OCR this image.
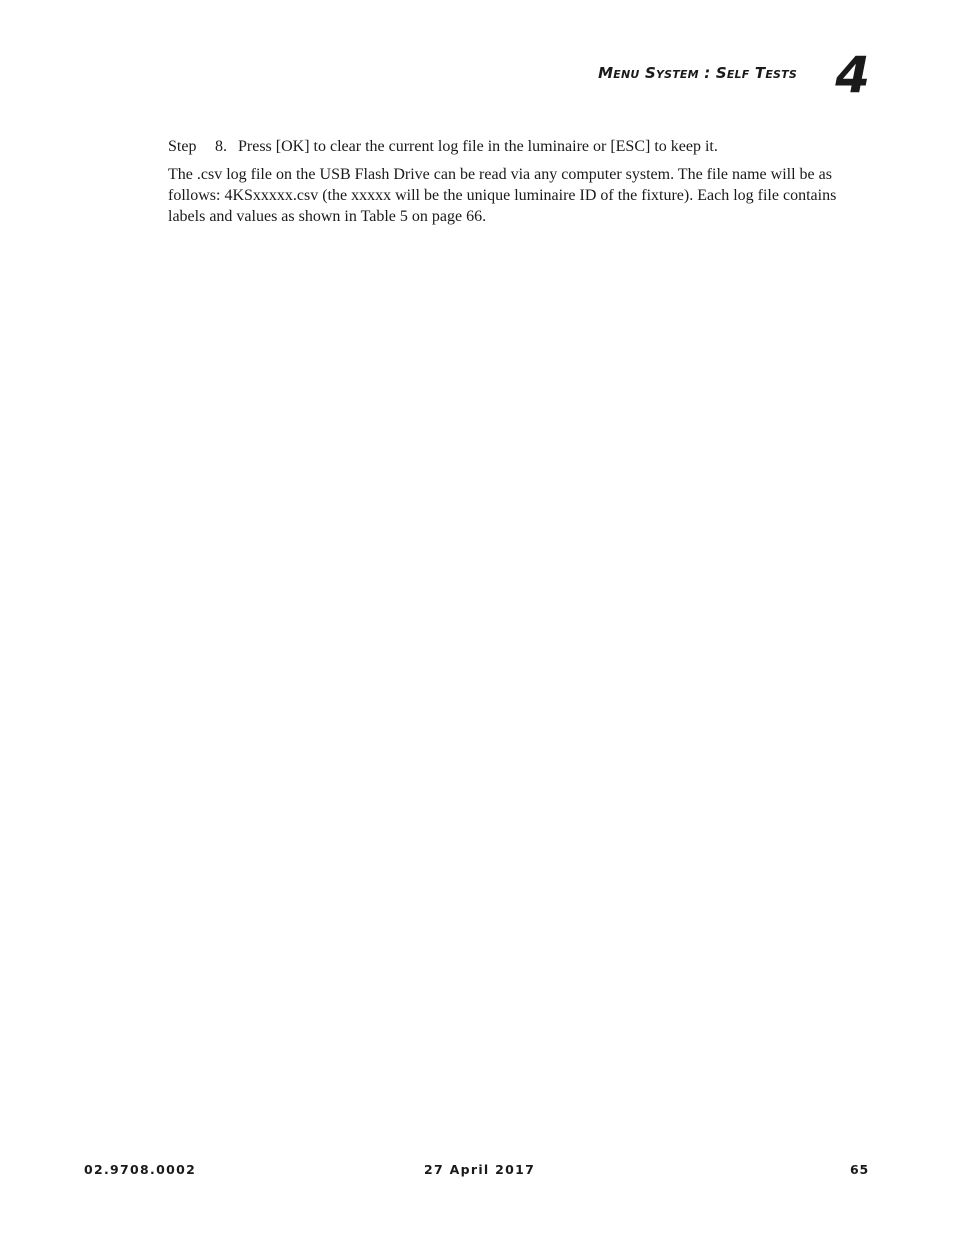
Menu System : Self Tests 4

Step 8. Press [OK] to clear the current log file in the luminaire or [ESC] to keep it.

The .csv log file on the USB Flash Drive can be read via any computer system. The file name will be as follows: 4KSxxxxx.csv (the xxxxx will be the unique luminaire ID of the fixture). Each log file contains labels and values as shown in Table 5 on page 66.

02.9708.0002	27 April 2017	65
